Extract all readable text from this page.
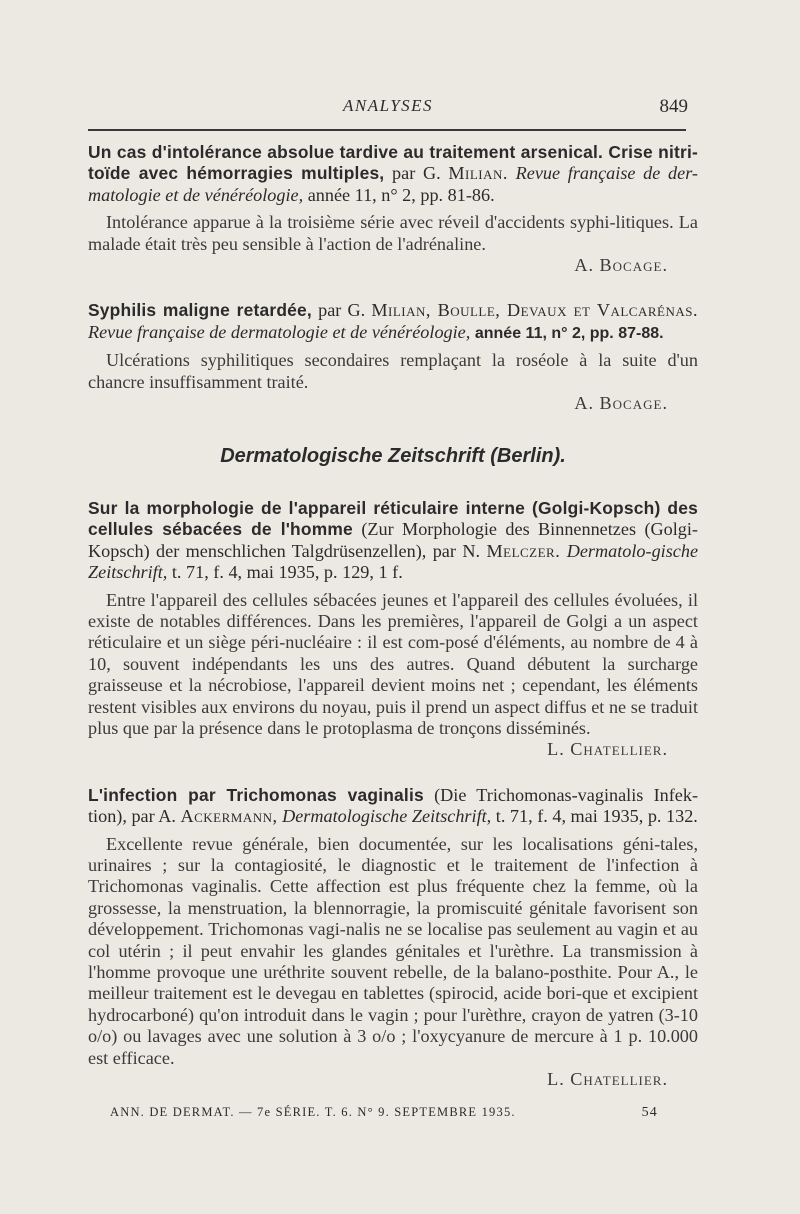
ANALYSES	849

Un cas d'intolérance absolue tardive au traitement arsenical. Crise nitri-toïde avec hémorragies multiples, par G. Milian. Revue française de der-matologie et de vénéréologie, année 11, n° 2, pp. 81-86.

Intolérance apparue à la troisième série avec réveil d'accidents syphi-litiques. La malade était très peu sensible à l'action de l'adrénaline.

A. Bocage.

Syphilis maligne retardée, par G. Milian, Boulle, Devaux et Valcarénas. Revue française de dermatologie et de vénéréologie, année 11, n° 2, pp. 87-88.

Ulcérations syphilitiques secondaires remplaçant la roséole à la suite d'un chancre insuffisamment traité.

A. Bocage.

Dermatologische Zeitschrift (Berlin).

Sur la morphologie de l'appareil réticulaire interne (Golgi-Kopsch) des cellules sébacées de l'homme (Zur Morphologie des Binnennetzes (Golgi-Kopsch) der menschlichen Talgdrüsenzellen), par N. Melczer. Dermatolo-gische Zeitschrift, t. 71, f. 4, mai 1935, p. 129, 1 f.

Entre l'appareil des cellules sébacées jeunes et l'appareil des cellules évoluées, il existe de notables différences. Dans les premières, l'appareil de Golgi a un aspect réticulaire et un siège péri-nucléaire : il est com-posé d'éléments, au nombre de 4 à 10, souvent indépendants les uns des autres. Quand débutent la surcharge graisseuse et la nécrobiose, l'appareil devient moins net ; cependant, les éléments restent visibles aux environs du noyau, puis il prend un aspect diffus et ne se traduit plus que par la présence dans le protoplasma de tronçons disséminés.

L. Chatellier.

L'infection par Trichomonas vaginalis (Die Trichomonas-vaginalis Infek-tion), par A. Ackermann, Dermatologische Zeitschrift, t. 71, f. 4, mai 1935, p. 132.

Excellente revue générale, bien documentée, sur les localisations géni-tales, urinaires ; sur la contagiosité, le diagnostic et le traitement de l'infection à Trichomonas vaginalis. Cette affection est plus fréquente chez la femme, où la grossesse, la menstruation, la blennorragie, la promiscuité génitale favorisent son développement. Trichomonas vagi-nalis ne se localise pas seulement au vagin et au col utérin ; il peut envahir les glandes génitales et l'urèthre. La transmission à l'homme provoque une uréthrite souvent rebelle, de la balano-posthite. Pour A., le meilleur traitement est le devegau en tablettes (spirocid, acide bori-que et excipient hydrocarboné) qu'on introduit dans le vagin ; pour l'urèthre, crayon de yatren (3-10 o/o) ou lavages avec une solution à 3 o/o ; l'oxycyanure de mercure à 1 p. 10.000 est efficace.

L. Chatellier.

ANN. DE DERMAT. — 7e SÉRIE. T. 6. N° 9. SEPTEMBRE 1935.	54
